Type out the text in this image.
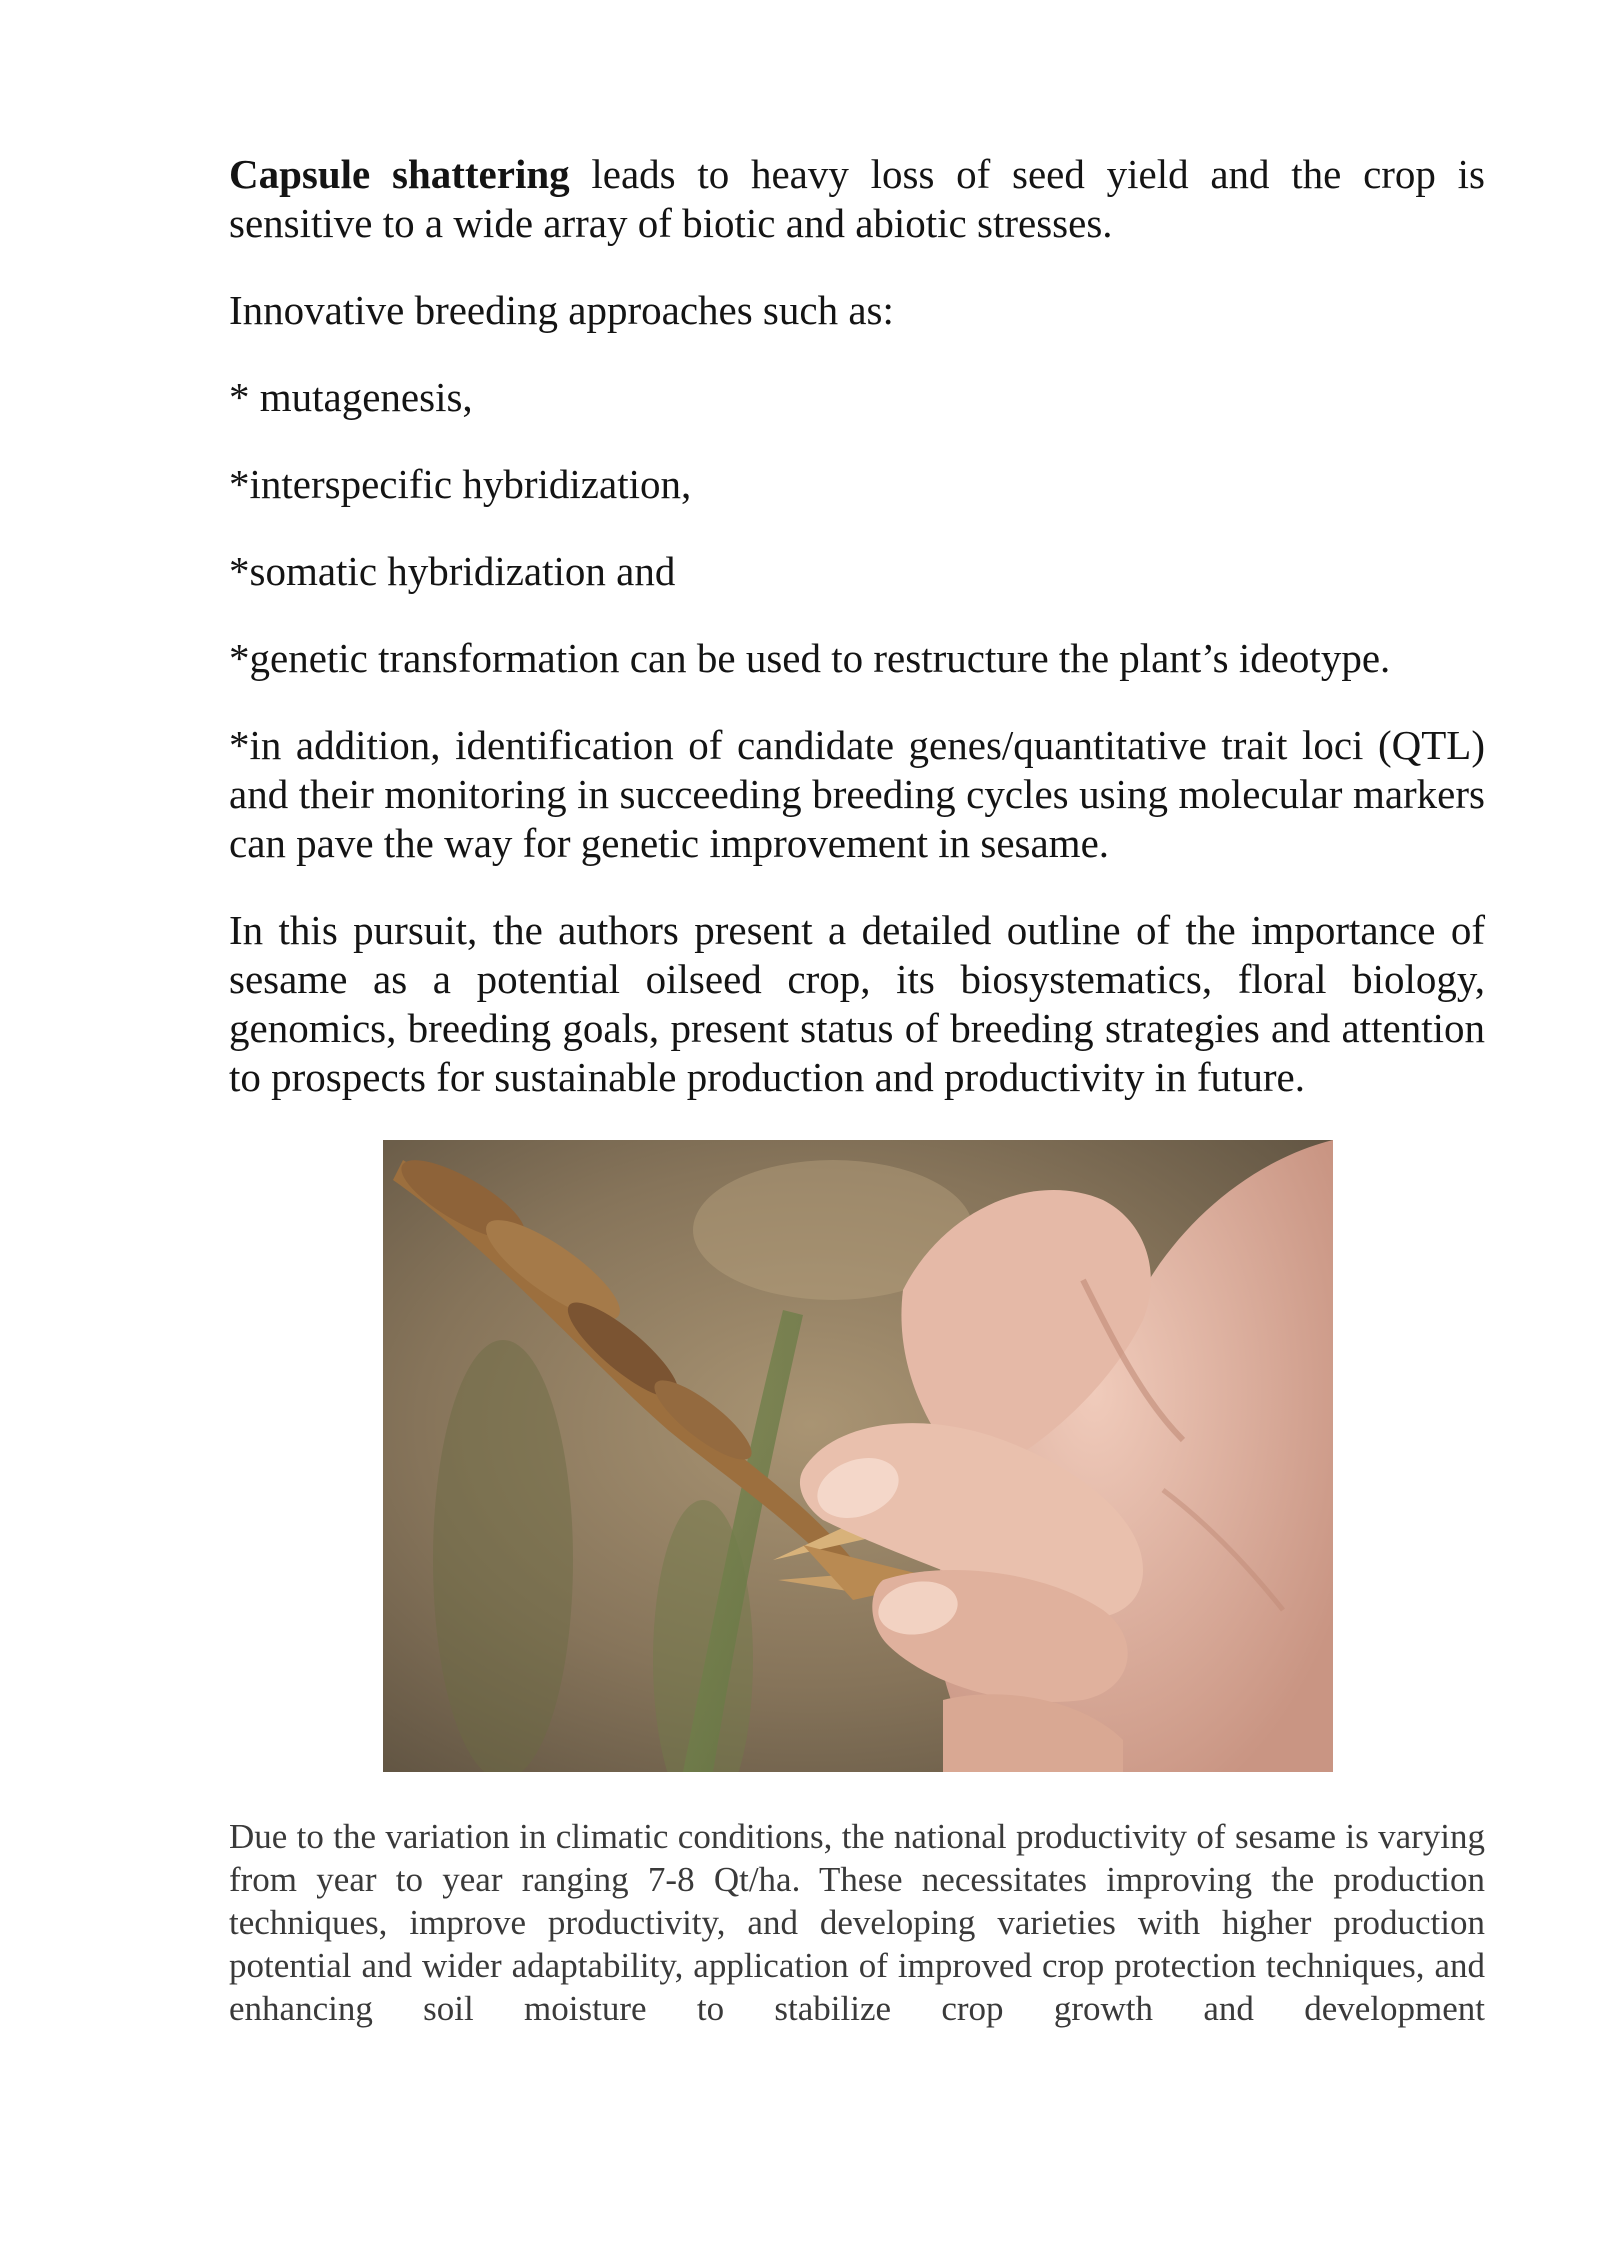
Capsule shattering leads to heavy loss of seed yield and the crop is sensitive to a wide array of biotic and abiotic stresses.

Innovative breeding approaches such as:

* mutagenesis,

*interspecific hybridization,

*somatic hybridization and

*genetic transformation can be used to restructure the plant’s ideotype.

*in addition, identification of candidate genes/quantitative trait loci (QTL) and their monitoring in succeeding breeding cycles using molecular markers can pave the way for genetic improvement in sesame.

In this pursuit, the authors present a detailed outline of the importance of sesame as a potential oilseed crop, its biosystematics, floral biology, genomics, breeding goals, present status of breeding strategies and attention to prospects for sustainable production and productivity in future.

Due to the variation in climatic conditions, the national productivity of sesame is varying from year to year ranging 7-8 Qt/ha. These necessitates improving the production techniques, improve productivity, and developing varieties with higher production potential and wider adaptability, application of improved crop protection techniques, and enhancing soil moisture to stabilize crop growth and development
